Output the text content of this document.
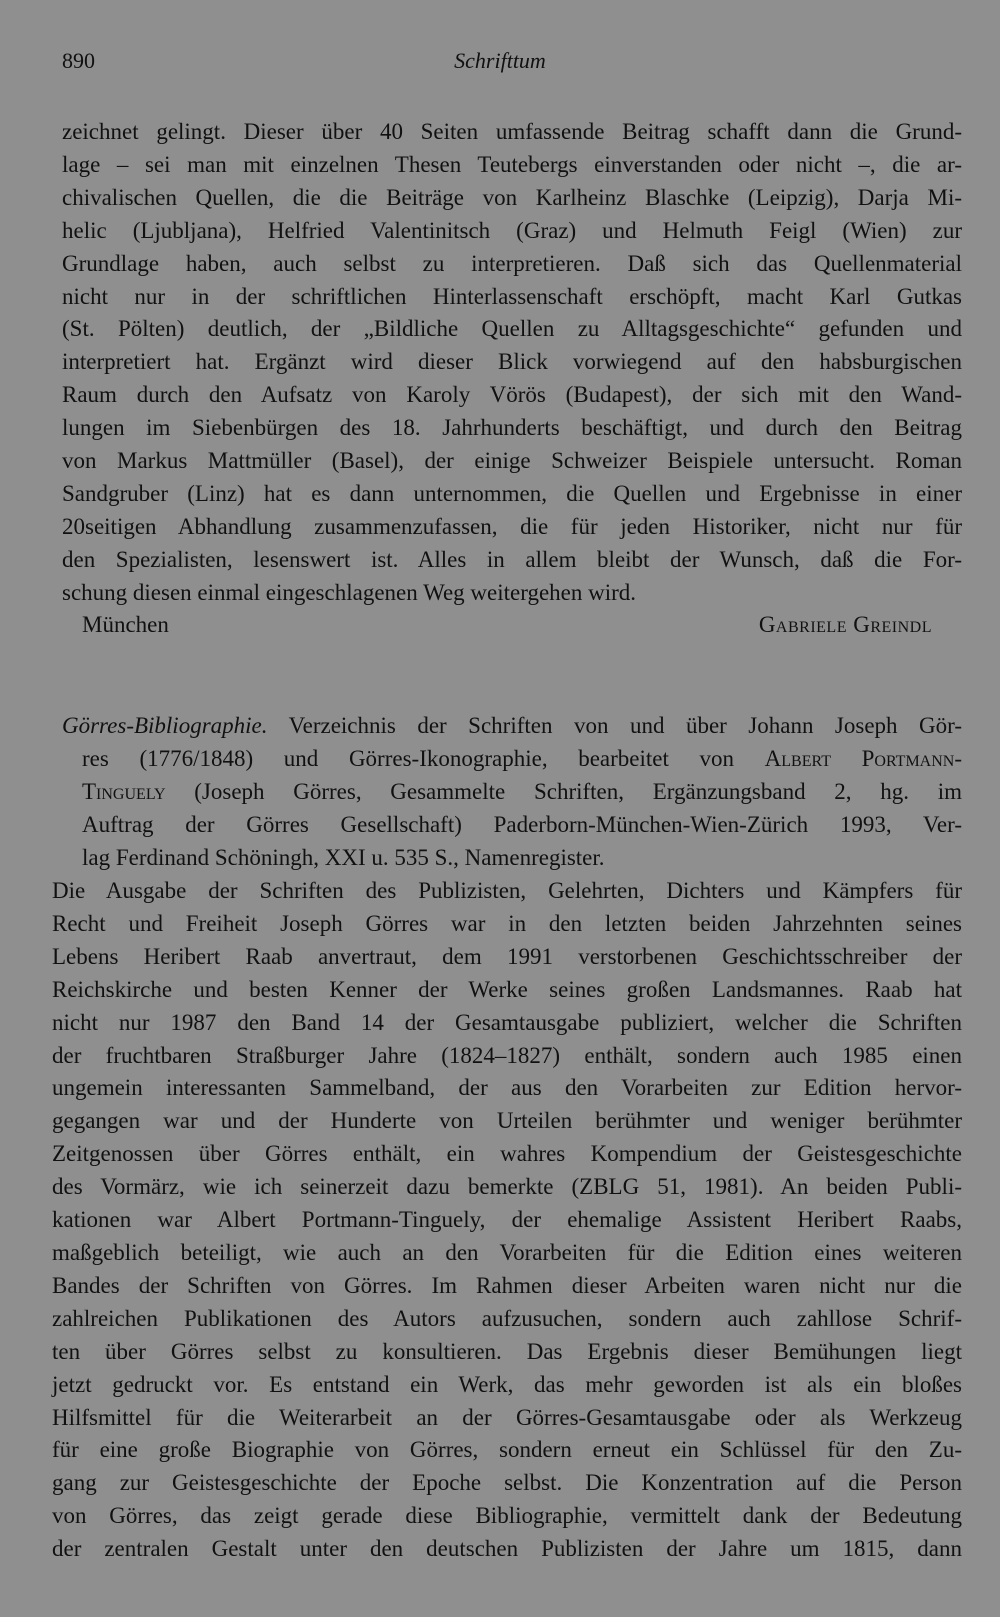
890	Schrifttum
zeichnet gelingt. Dieser über 40 Seiten umfassende Beitrag schafft dann die Grund-
lage – sei man mit einzelnen Thesen Teutebergs einverstanden oder nicht –, die ar-
chivalischen Quellen, die die Beiträge von Karlheinz Blaschke (Leipzig), Darja Mi-
helic (Ljubljana), Helfried Valentinitsch (Graz) und Helmuth Feigl (Wien) zur
Grundlage haben, auch selbst zu interpretieren. Daß sich das Quellenmaterial
nicht nur in der schriftlichen Hinterlassenschaft erschöpft, macht Karl Gutkas
(St. Pölten) deutlich, der „Bildliche Quellen zu Alltagsgeschichte“ gefunden und
interpretiert hat. Ergänzt wird dieser Blick vorwiegend auf den habsburgischen
Raum durch den Aufsatz von Karoly Vörös (Budapest), der sich mit den Wand-
lungen im Siebenbürgen des 18. Jahrhunderts beschäftigt, und durch den Beitrag
von Markus Mattmüller (Basel), der einige Schweizer Beispiele untersucht. Roman
Sandgruber (Linz) hat es dann unternommen, die Quellen und Ergebnisse in einer
20seitigen Abhandlung zusammenzufassen, die für jeden Historiker, nicht nur für
den Spezialisten, lesenswert ist. Alles in allem bleibt der Wunsch, daß die For-
schung diesen einmal eingeschlagenen Weg weitergehen wird.
München	Gabriele Greindl
Görres-Bibliographie. Verzeichnis der Schriften von und über Johann Joseph Gör-
res (1776/1848) und Görres-Ikonographie, bearbeitet von Albert Portmann-
Tinguely (Joseph Görres, Gesammelte Schriften, Ergänzungsband 2, hg. im
Auftrag der Görres Gesellschaft) Paderborn-München-Wien-Zürich 1993, Ver-
lag Ferdinand Schöningh, XXI u. 535 S., Namenregister.
Die Ausgabe der Schriften des Publizisten, Gelehrten, Dichters und Kämpfers für
Recht und Freiheit Joseph Görres war in den letzten beiden Jahrzehnten seines
Lebens Heribert Raab anvertraut, dem 1991 verstorbenen Geschichtsschreiber der
Reichskirche und besten Kenner der Werke seines großen Landsmannes. Raab hat
nicht nur 1987 den Band 14 der Gesamtausgabe publiziert, welcher die Schriften
der fruchtbaren Straßburger Jahre (1824–1827) enthält, sondern auch 1985 einen
ungemein interessanten Sammelband, der aus den Vorarbeiten zur Edition hervor-
gegangen war und der Hunderte von Urteilen berühmter und weniger berühmter
Zeitgenossen über Görres enthält, ein wahres Kompendium der Geistesgeschichte
des Vormärz, wie ich seinerzeit dazu bemerkte (ZBLG 51, 1981). An beiden Publi-
kationen war Albert Portmann-Tinguely, der ehemalige Assistent Heribert Raabs,
maßgeblich beteiligt, wie auch an den Vorarbeiten für die Edition eines weiteren
Bandes der Schriften von Görres. Im Rahmen dieser Arbeiten waren nicht nur die
zahlreichen Publikationen des Autors aufzusuchen, sondern auch zahllose Schrif-
ten über Görres selbst zu konsultieren. Das Ergebnis dieser Bemühungen liegt
jetzt gedruckt vor. Es entstand ein Werk, das mehr geworden ist als ein bloßes
Hilfsmittel für die Weiterarbeit an der Görres-Gesamtausgabe oder als Werkzeug
für eine große Biographie von Görres, sondern erneut ein Schlüssel für den Zu-
gang zur Geistesgeschichte der Epoche selbst. Die Konzentration auf die Person
von Görres, das zeigt gerade diese Bibliographie, vermittelt dank der Bedeutung
der zentralen Gestalt unter den deutschen Publizisten der Jahre um 1815, dann
